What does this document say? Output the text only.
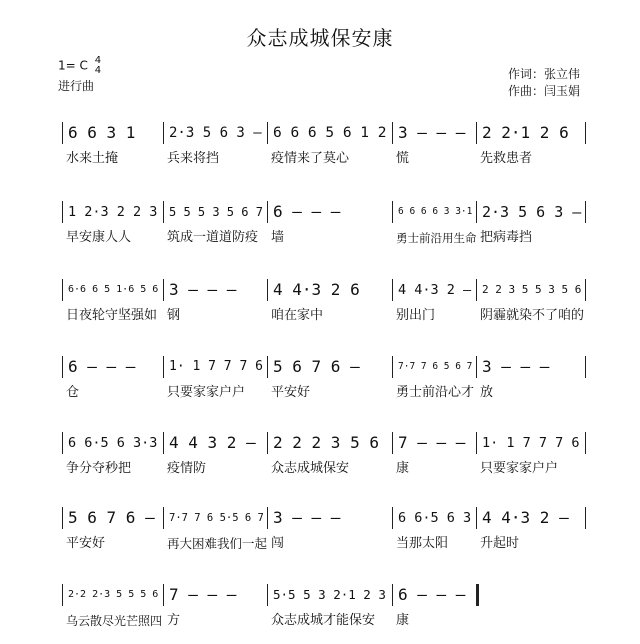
众志成城保安康
1= C 4
4
进行曲
作词：张立伟
作曲：闫玉娟
6 6 3 1
水来土掩
2·3 5 6 3 –
兵来将挡
6 6 6 5 6 1 2
疫情来了莫心
3 – – –
慌
2 2·1 2 6
先救患者
1 2·3 2 2 3
早安康人人
5 5 5 3 5 6 7
筑成一道道防疫
6 – – –
墙
6 6 6 6 3 3·1
勇士前沿用生命
2·3 5 6 3 –
把病毒挡
6·6 6 5 1·6 5 6
日夜轮守坚强如
3 – – –
钢
4 4·3 2 6
咱在家中
4 4·3 2 –
别出门
2 2 3 5 5 3 5 6
阴霾就染不了咱的
6 – – –
仓
1· 1 7 7 7 6
只要家家户户
5 6 7 6 –
平安好
7·7 7 6 5 6 7
勇士前沿心才
3 – – –
放
6 6·5 6 3·3
争分夺秒把
4 4 3 2 –
疫情防
2 2 2 3 5 6
众志成城保安
7 – – –
康
1· 1 7 7 7 6
只要家家户户
5 6 7 6 –
平安好
7·7 7 6 5·5 6 7
再大困难我们一起
3 – – –
闯
6 6·5 6 3
当那太阳
4 4·3 2 –
升起时
2·2 2·3 5 5 5 6
乌云散尽光芒照四
7 – – –
方
5·5 5 3 2·1 2 3
众志成城才能保安
6 – – –
康
